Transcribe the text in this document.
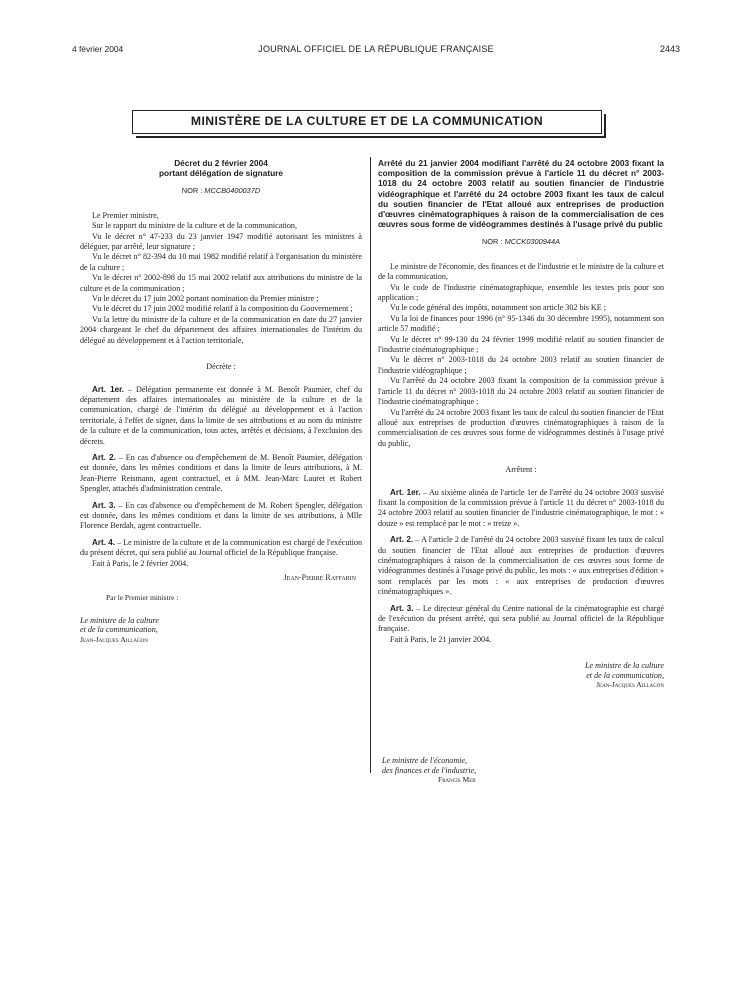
4 février 2004	JOURNAL OFFICIEL DE LA RÉPUBLIQUE FRANÇAISE	2443
MINISTÈRE DE LA CULTURE ET DE LA COMMUNICATION
Décret du 2 février 2004
portant délégation de signature
NOR : MCCB0400037D

Le Premier ministre,

Sur le rapport du ministre de la culture et de la communication,

Vu le décret n° 47-233 du 23 janvier 1947 modifié autorisant les ministres à déléguer, par arrêté, leur signature ;

Vu le décret n° 82-394 du 10 mai 1982 modifié relatif à l'organisation du ministère de la culture ;

Vu le décret n° 2002-898 du 15 mai 2002 relatif aux attributions du ministre de la culture et de la communication ;

Vu le décret du 17 juin 2002 portant nomination du Premier ministre ;

Vu le décret du 17 juin 2002 modifié relatif à la composition du Gouvernement ;

Vu la lettre du ministre de la culture et de la communication en date du 27 janvier 2004 chargeant le chef du département des affaires internationales de l'intérim du délégué au développement et à l'action territoriale,

Décrète :

Art. 1er. – Délégation permanente est donnée à M. Benoît Paumier, chef du département des affaires internationales au ministère de la culture et de la communication, chargé de l'intérim du délégué au développement et à l'action territoriale, à l'effet de signer, dans la limite de ses attributions et au nom du ministre de la culture et de la communication, tous actes, arrêtés et décisions, à l'exclusion des décrets.

Art. 2. – En cas d'absence ou d'empêchement de M. Benoît Paumier, délégation est donnée, dans les mêmes conditions et dans la limite de leurs attributions, à M. Jean-Pierre Reismann, agent contractuel, et à MM. Jean-Marc Lauret et Robert Spengler, attachés d'administration centrale.

Art. 3. – En cas d'absence ou d'empêchement de M. Robert Spengler, délégation est donnée, dans les mêmes conditions et dans la limite de ses attributions, à Mlle Florence Berdah, agent contractuelle.

Art. 4. – Le ministre de la culture et de la communication est chargé de l'exécution du présent décret, qui sera publié au Journal officiel de la République française.

Fait à Paris, le 2 février 2004.

Jean-Pierre Raffarin
Par le Premier ministre :
Le ministre de la culture
et de la communication,
Jean-Jacques Aillagon
Arrêté du 21 janvier 2004 modifiant l'arrêté du 24 octobre 2003 fixant la composition de la commission prévue à l'article 11 du décret n° 2003-1018 du 24 octobre 2003 relatif au soutien financier de l'industrie vidéographique et l'arrêté du 24 octobre 2003 fixant les taux de calcul du soutien financier de l'Etat alloué aux entreprises de production d'œuvres cinématographiques à raison de la commercialisation de ces œuvres sous forme de vidéogrammes destinés à l'usage privé du public
NOR : MCCK0300944A

Le ministre de l'économie, des finances et de l'industrie et le ministre de la culture et de la communication,

Vu le code de l'industrie cinématographique, ensemble les textes pris pour son application ;

Vu le code général des impôts, notamment son article 302 bis KE ;

Vu la loi de finances pour 1996 (n° 95-1346 du 30 décembre 1995), notamment son article 57 modifié ;

Vu le décret n° 99-130 du 24 février 1999 modifié relatif au soutien financier de l'industrie cinématographique ;

Vu le décret n° 2003-1018 du 24 octobre 2003 relatif au soutien financier de l'industrie vidéographique ;

Vu l'arrêté du 24 octobre 2003 fixant la composition de la commission prévue à l'article 11 du décret n° 2003-1018 du 24 octobre 2003 relatif au soutien financier de l'industrie cinématographique ;

Vu l'arrêté du 24 octobre 2003 fixant les taux de calcul du soutien financier de l'Etat alloué aux entreprises de production d'œuvres cinématographiques à raison de la commercialisation de ces œuvres sous forme de vidéogrammes destinés à l'usage privé du public,

Arrêtent :

Art. 1er. – Au sixième alinéa de l'article 1er de l'arrêté du 24 octobre 2003 susvisé fixant la composition de la commission prévue à l'article 11 du décret n° 2003-1018 du 24 octobre 2003 relatif au soutien financier de l'industrie cinématographique, le mot : « douze » est remplacé par le mot : « treize ».

Art. 2. – A l'article 2 de l'arrêté du 24 octobre 2003 susvisé fixant les taux de calcul du soutien financier de l'Etat alloué aux entreprises de production d'œuvres cinématographiques à raison de la commercialisation de ces œuvres sous forme de vidéogrammes destinés à l'usage privé du public, les mots : « aux entreprises d'édition » sont remplacés par les mots : « aux entreprises de production d'œuvres cinématographiques ».

Art. 3. – Le directeur général du Centre national de la cinématographie est chargé de l'exécution du présent arrêté, qui sera publié au Journal officiel de la République française.

Fait à Paris, le 21 janvier 2004.

Le ministre de la culture
et de la communication,
Jean-Jacques Aillagon
Le ministre de l'économie,
des finances et de l'industrie,
Francis Mer
